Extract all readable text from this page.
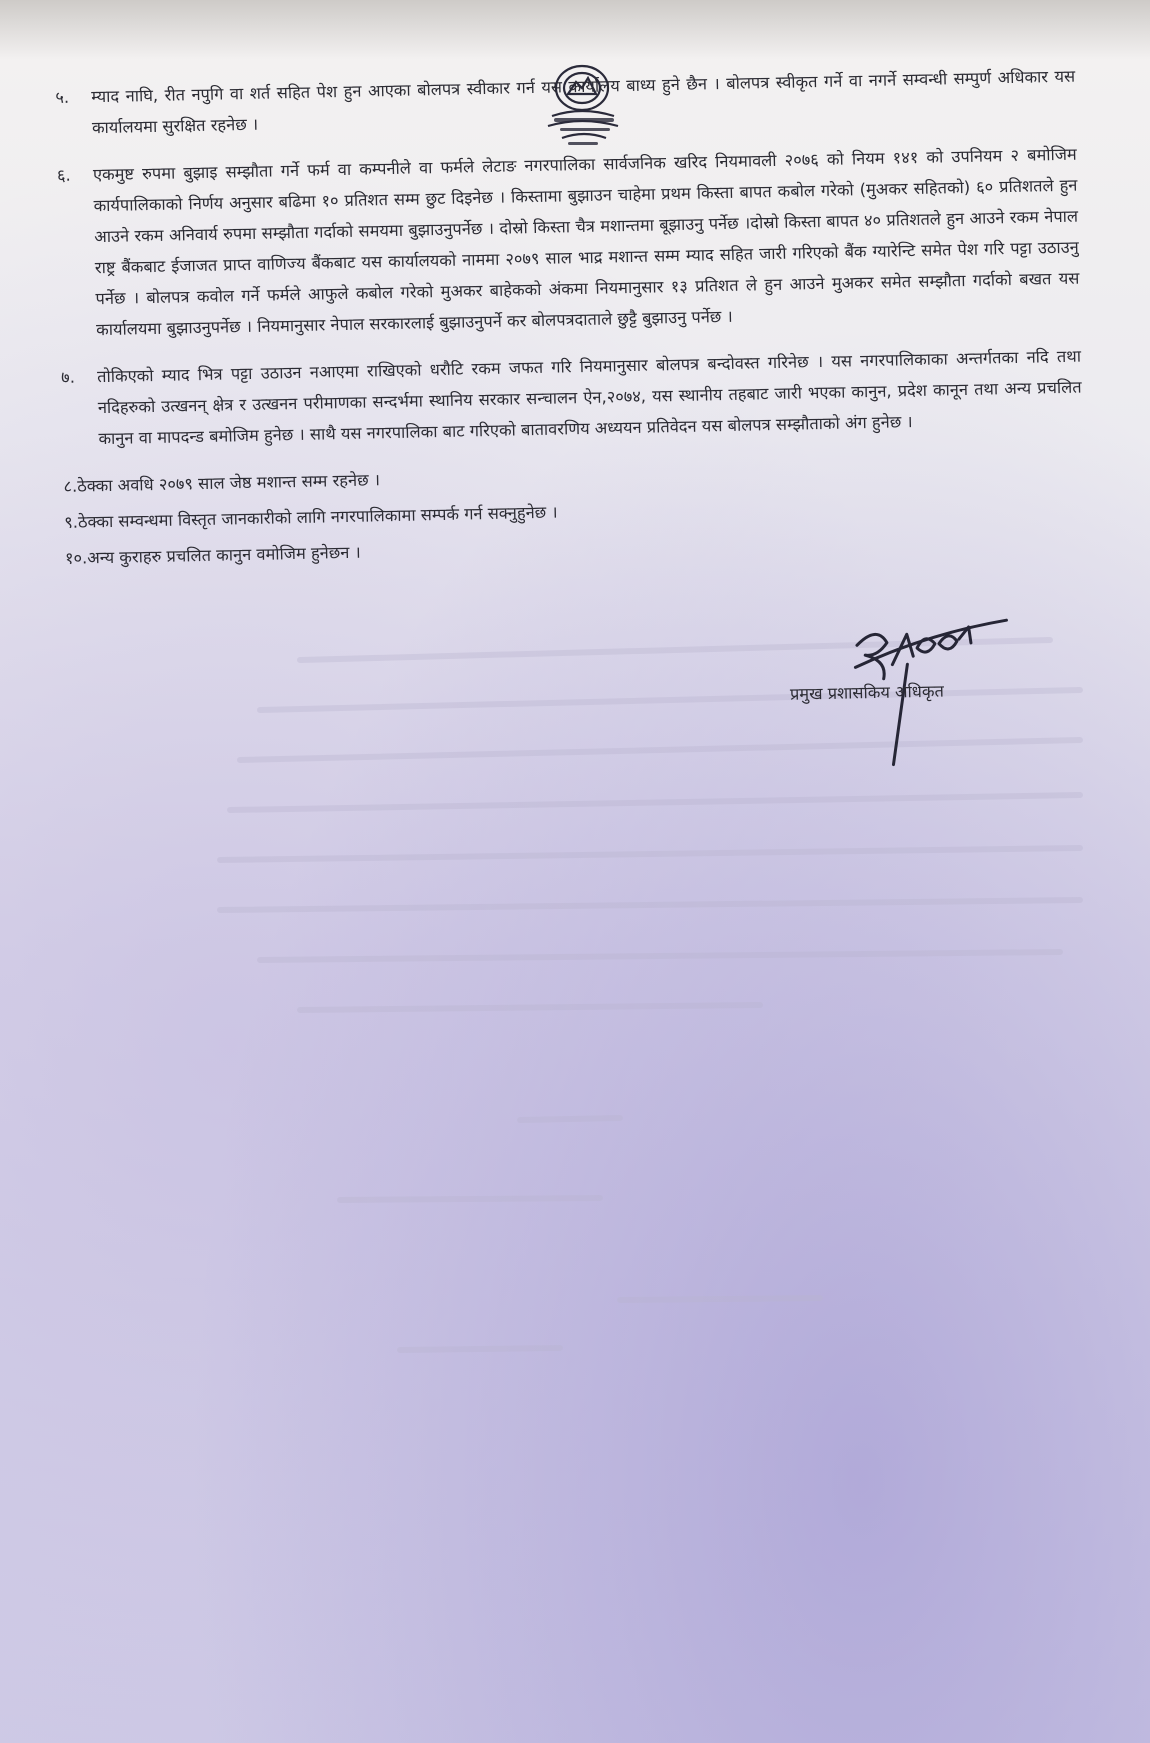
५. म्याद नाघि, रीत नपुगि वा शर्त सहित पेश हुन आएका बोलपत्र स्वीकार गर्न यस कार्यालय बाध्य हुने छैन । बोलपत्र स्वीकृत गर्ने वा नगर्ने सम्वन्धी सम्पुर्ण अधिकार यस कार्यालयमा सुरक्षित रहनेछ ।

६. एकमुष्ट रुपमा बुझाइ सम्झौता गर्ने फर्म वा कम्पनीले वा फर्मले लेटाङ नगरपालिका सार्वजनिक खरिद नियमावली २०७६ को नियम १४१ को उपनियम २ बमोजिम कार्यपालिकाको निर्णय अनुसार बढिमा १० प्रतिशत सम्म छुट दिइनेछ । किस्तामा बुझाउन चाहेमा प्रथम किस्ता बापत कबोल गरेको (मुअकर सहितको) ६० प्रतिशतले हुन आउने रकम अनिवार्य रुपमा सम्झौता गर्दाको समयमा बुझाउनुपर्नेछ । दोस्रो किस्ता चैत्र मशान्तमा बूझाउनु पर्नेछ ।दोस्रो किस्ता बापत ४० प्रतिशतले हुन आउने रकम नेपाल राष्ट्र बैंकबाट ईजाजत प्राप्त वाणिज्य बैंकबाट यस कार्यालयको नाममा २०७९ साल भाद्र मशान्त सम्म म्याद सहित जारी गरिएको बैंक ग्यारेन्टि समेत पेश गरि पट्टा उठाउनु पर्नेछ । बोलपत्र कवोल गर्ने फर्मले आफुले कबोल गरेको मुअकर बाहेकको अंकमा नियमानुसार १३ प्रतिशत ले हुन आउने मुअकर समेत सम्झौता गर्दाको बखत यस कार्यालयमा बुझाउनुपर्नेछ । नियमानुसार नेपाल सरकारलाई बुझाउनुपर्ने कर बोलपत्रदाताले छुट्टै बुझाउनु पर्नेछ ।

७. तोकिएको म्याद भित्र पट्टा उठाउन नआएमा राखिएको धरौटि रकम जफत गरि नियमानुसार बोलपत्र बन्दोवस्त गरिनेछ । यस नगरपालिकाका अन्तर्गतका नदि तथा नदिहरुको उत्खनन् क्षेत्र र उत्खनन परीमाणका सन्दर्भमा स्थानिय सरकार सन्चालन ऐन,२०७४, यस स्थानीय तहबाट जारी भएका कानुन, प्रदेश कानून तथा अन्य प्रचलित कानुन वा मापदन्ड बमोजिम हुनेछ । साथै यस नगरपालिका बाट गरिएको बातावरणिय अध्ययन प्रतिवेदन यस बोलपत्र सम्झौताको अंग हुनेछ ।

८.ठेक्का अवधि २०७९ साल जेष्ठ मशान्त सम्म रहनेछ ।

९.ठेक्का सम्वन्धमा विस्तृत जानकारीको लागि नगरपालिकामा सम्पर्क गर्न सक्नुहुनेछ ।

१०.अन्य कुराहरु प्रचलित कानुन वमोजिम हुनेछन ।

प्रमुख प्रशासकिय अधिकृत
